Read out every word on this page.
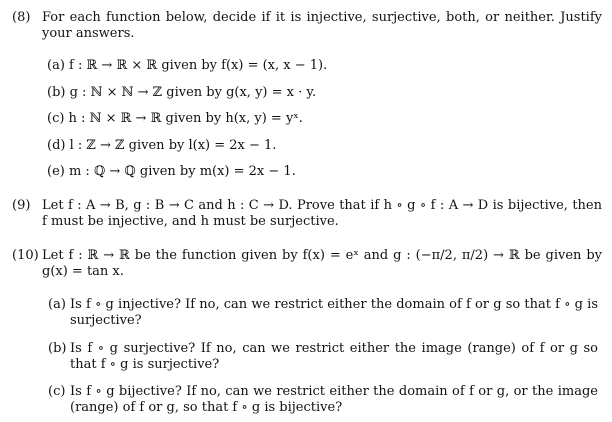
(8) For each function below, decide if it is injective, surjective, both, or neither. Justify your answers.
(a) f : ℝ → ℝ × ℝ given by f(x) = (x, x − 1).
(b) g : ℕ × ℕ → ℤ given by g(x, y) = x · y.
(c) h : ℕ × ℝ → ℝ given by h(x, y) = yˣ.
(d) l : ℤ → ℤ given by l(x) = 2x − 1.
(e) m : ℚ → ℚ given by m(x) = 2x − 1.
(9) Let f : A → B, g : B → C and h : C → D. Prove that if h ∘ g ∘ f : A → D is bijective, then f must be injective, and h must be surjective.
(10) Let f : ℝ → ℝ be the function given by f(x) = eˣ and g : (−π/2, π/2) → ℝ be given by g(x) = tan x.
(a) Is f ∘ g injective? If no, can we restrict either the domain of f or g so that f ∘ g is surjective?
(b) Is f ∘ g surjective? If no, can we restrict either the image (range) of f or g so that f ∘ g is surjective?
(c) Is f ∘ g bijective? If no, can we restrict either the domain of f or g, or the image (range) of f or g, so that f ∘ g is bijective?
